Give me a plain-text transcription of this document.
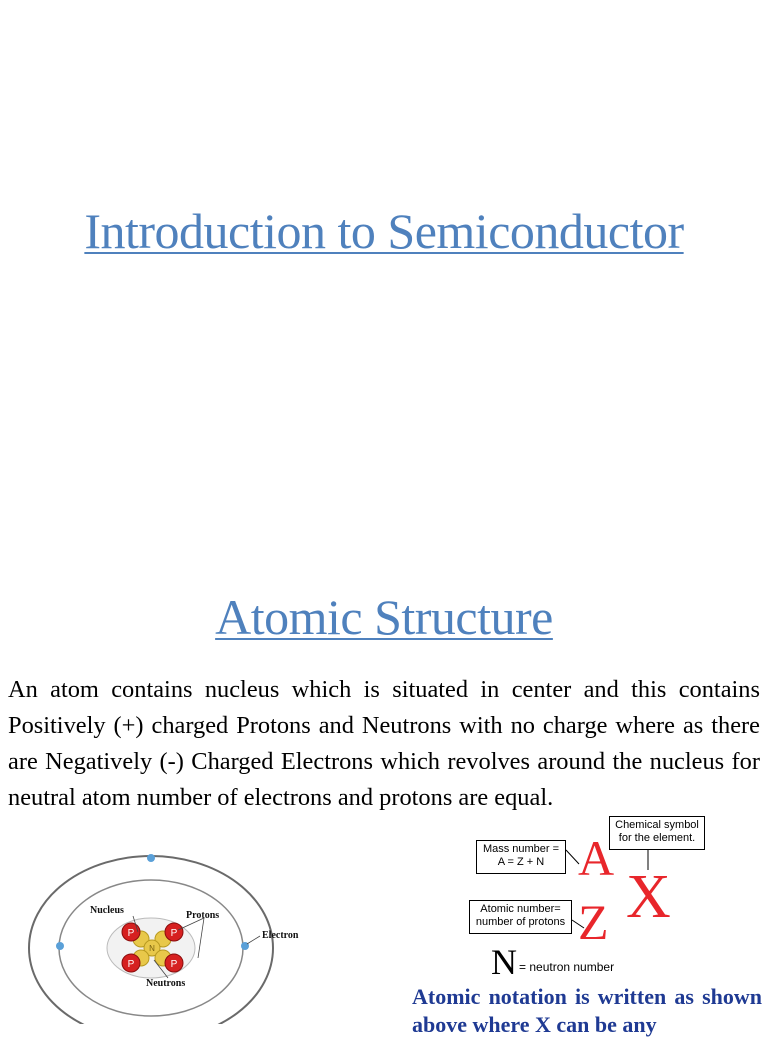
Introduction to Semiconductor
Atomic Structure
An atom contains nucleus which is situated in center and this contains Positively (+) charged Protons and Neutrons with no charge where as there are Negatively (-) Charged Electrons which revolves around the nucleus for neutral atom number of electrons and protons are equal.
P	P
P	P
N
Nucleus	Protons
Neutrons
Electron
Mass number =
A = Z + N
Chemical symbol
for the element.
Atomic number=
number of protons
A
X
Z
N = neutron number
Atomic notation is written as shown above where X can be any
